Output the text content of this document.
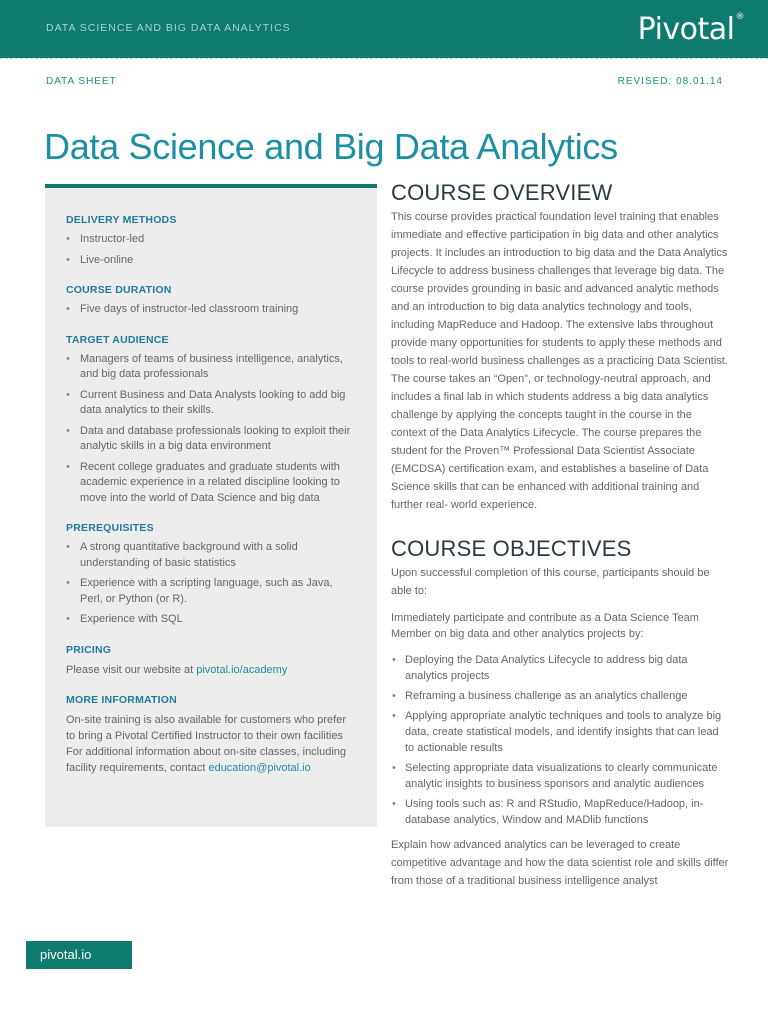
DATA SCIENCE AND BIG DATA ANALYTICS	Pivotal®
DATA SHEET	REVISED: 08.01.14
Data Science and Big Data Analytics
DELIVERY METHODS
• Instructor-led
• Live-online
COURSE DURATION
• Five days of instructor-led classroom training
TARGET AUDIENCE
• Managers of teams of business intelligence, analytics, and big data professionals
• Current Business and Data Analysts looking to add big data analytics to their skills.
• Data and database professionals looking to exploit their analytic skills in a big data environment
• Recent college graduates and graduate students with academic experience in a related discipline looking to move into the world of Data Science and big data
PREREQUISITES
• A strong quantitative background with a solid understanding of basic statistics
• Experience with a scripting language, such as Java, Perl, or Python (or R).
• Experience with SQL
PRICING

Please visit our website at pivotal.io/academy

MORE INFORMATION

On-site training is also available for customers who prefer to bring a Pivotal Certified Instructor to their own facilities For additional information about on-site classes, including facility requirements, contact education@pivotal.io

COURSE OVERVIEW

This course provides practical foundation level training that enables immediate and effective participation in big data and other analytics projects. It includes an introduction to big data and the Data Analytics Lifecycle to address business challenges that leverage big data. The course provides grounding in basic and advanced analytic methods and an introduction to big data analytics technology and tools, including MapReduce and Hadoop. The extensive labs throughout provide many opportunities for students to apply these methods and tools to real-world business challenges as a practicing Data Scientist. The course takes an “Open”, or technology-neutral approach, and includes a final lab in which students address a big data analytics challenge by applying the concepts taught in the course in the context of the Data Analytics Lifecycle. The course prepares the student for the Proven™ Professional Data Scientist Associate (EMCDSA) certification exam, and establishes a baseline of Data Science skills that can be enhanced with additional training and further real- world experience.

COURSE OBJECTIVES

Upon successful completion of this course, participants should be able to:

Immediately participate and contribute as a Data Science Team Member on big data and other analytics projects by:

• Deploying the Data Analytics Lifecycle to address big data analytics projects
• Reframing a business challenge as an analytics challenge
• Applying appropriate analytic techniques and tools to analyze big data, create statistical models, and identify insights that can lead to actionable results
• Selecting appropriate data visualizations to clearly communicate analytic insights to business sponsors and analytic audiences
• Using tools such as: R and RStudio, MapReduce/Hadoop, in-database analytics, Window and MADlib functions

Explain how advanced analytics can be leveraged to create competitive advantage and how the data scientist role and skills differ from those of a traditional business intelligence analyst

pivotal.io
